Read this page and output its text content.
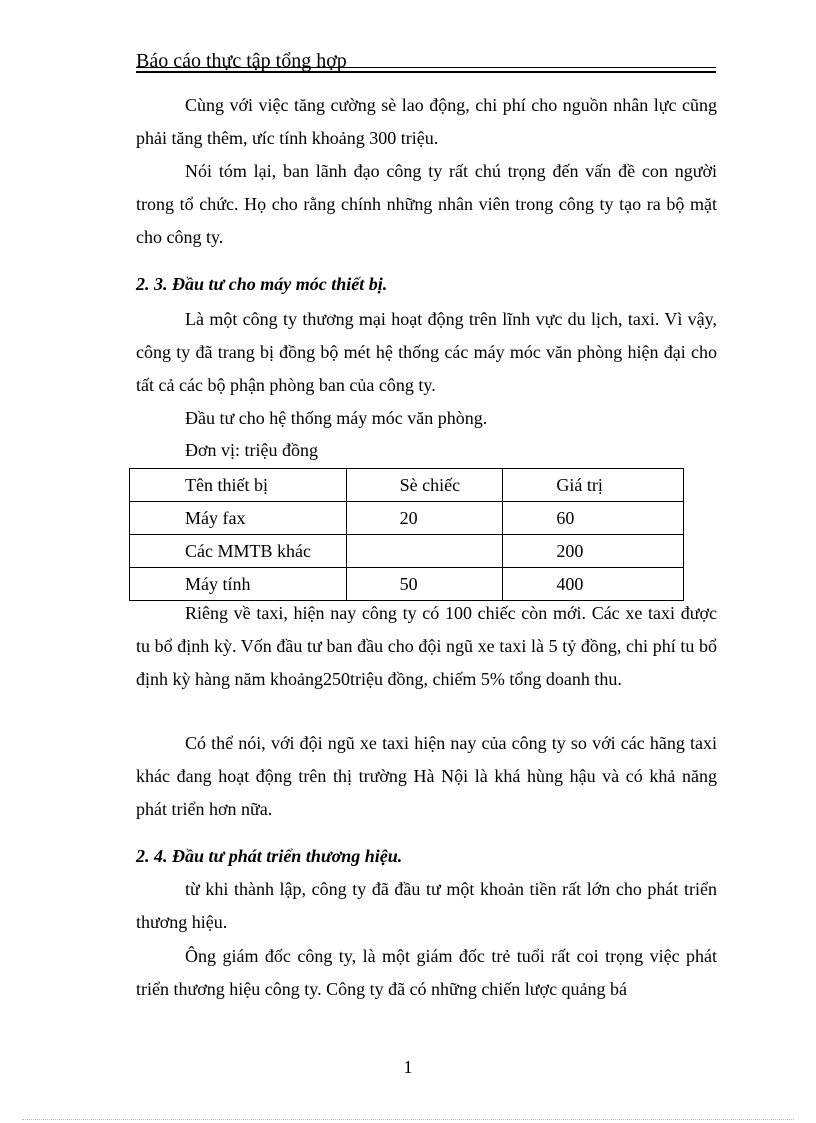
Báo cáo thực tập tổng hợp

Cùng với việc tăng cường sè lao động, chi phí cho nguồn nhân lực cũng phải tăng thêm, ưíc tính khoảng 300 triệu.

Nói tóm lại, ban lãnh đạo công ty rất chú trọng đến vấn đề con người trong tổ chức. Họ cho rằng chính những nhân viên trong công ty tạo ra bộ mặt cho công ty.

2. 3. Đầu tư cho máy móc thiết bị.

Là một công ty thương mại hoạt động trên lĩnh vực du lịch, taxi. Vì vậy, công ty đã trang bị đồng bộ mét hệ thống các máy móc văn phòng hiện đại cho tất cả các bộ phận phòng ban của công ty.

Đầu tư cho hệ thống máy móc văn phòng.
Đơn vị: triệu đồng
Tên thiết bị	Sè chiếc	Giá trị
Máy fax	20	60
Các MMTB khác		200
Máy tính	50	400

Riêng về taxi, hiện nay công ty có 100 chiếc còn mới. Các xe taxi được tu bổ định kỳ. Vốn đầu tư ban đầu cho đội ngũ xe taxi là 5 tỷ đồng, chi phí tu bổ định kỳ hàng năm khoảng250triệu đồng, chiếm 5% tổng doanh thu.

Có thể nói, với đội ngũ xe taxi hiện nay của công ty so với các hãng taxi khác đang hoạt động trên thị trường Hà Nội là khá hùng hậu và có khả năng phát triển hơn nữa.

2. 4. Đầu tư phát triển thương hiệu.

từ khi thành lập, công ty đã đầu tư một khoản tiền rất lớn cho phát triển thương hiệu.

Ông giám đốc công ty, là một giám đốc trẻ tuổi rất coi trọng việc phát triển thương hiệu công ty. Công ty đã có những chiến lược quảng bá

1
